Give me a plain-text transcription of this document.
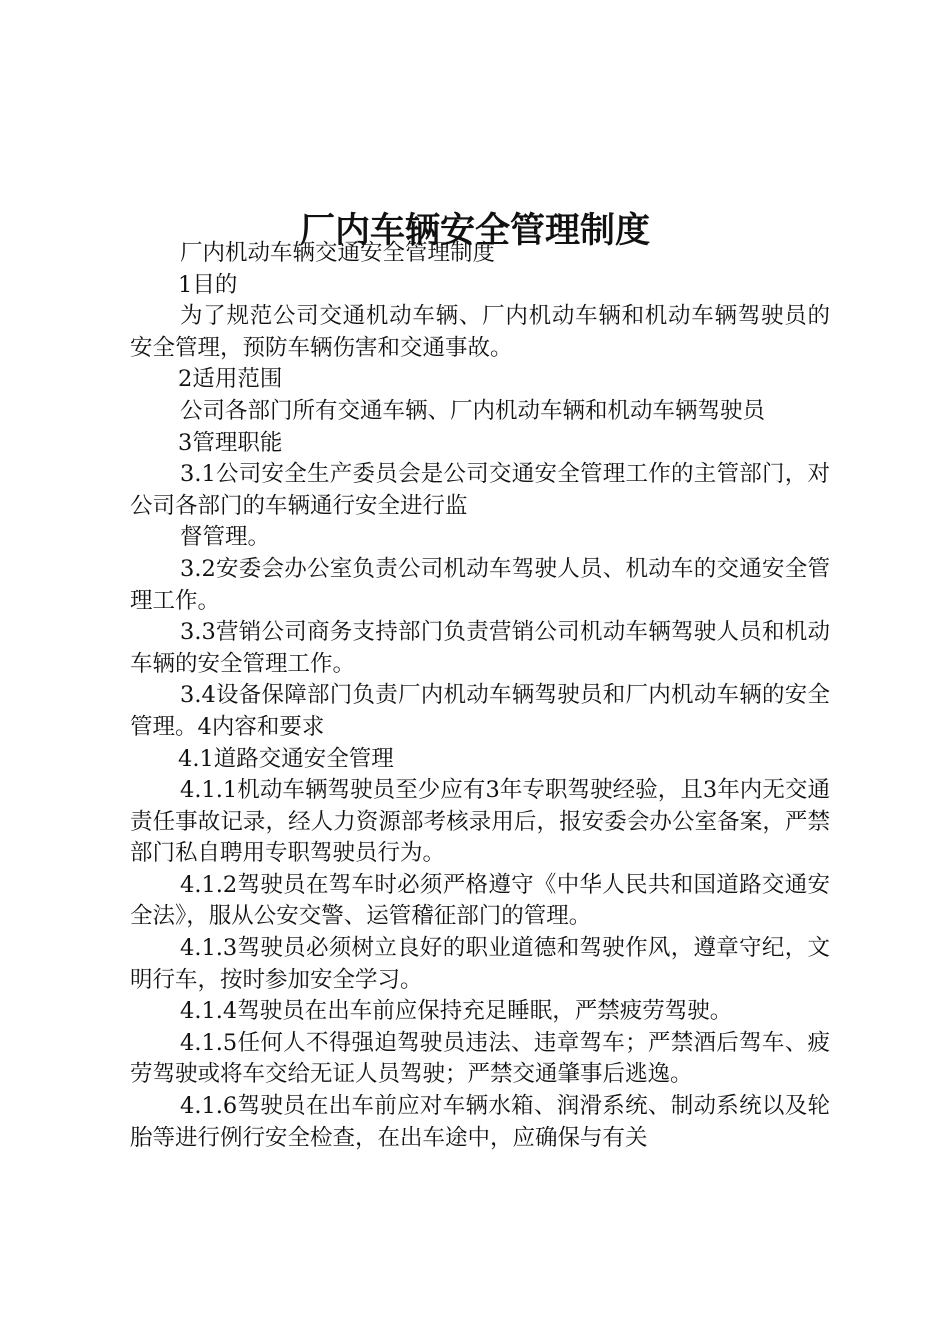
厂内车辆安全管理制度

厂内机动车辆交通安全管理制度

1目的

为了规范公司交通机动车辆、厂内机动车辆和机动车辆驾驶员的安全管理，预防车辆伤害和交通事故。

2适用范围

公司各部门所有交通车辆、厂内机动车辆和机动车辆驾驶员

3管理职能

3.1公司安全生产委员会是公司交通安全管理工作的主管部门，对公司各部门的车辆通行安全进行监

督管理。

3.2安委会办公室负责公司机动车驾驶人员、机动车的交通安全管理工作。

3.3营销公司商务支持部门负责营销公司机动车辆驾驶人员和机动车辆的安全管理工作。

3.4设备保障部门负责厂内机动车辆驾驶员和厂内机动车辆的安全管理。4内容和要求

4.1道路交通安全管理

4.1.1机动车辆驾驶员至少应有3年专职驾驶经验，且3年内无交通责任事故记录，经人力资源部考核录用后，报安委会办公室备案，严禁部门私自聘用专职驾驶员行为。

4.1.2驾驶员在驾车时必须严格遵守《中华人民共和国道路交通安全法》，服从公安交警、运管稽征部门的管理。

4.1.3驾驶员必须树立良好的职业道德和驾驶作风，遵章守纪，文明行车，按时参加安全学习。

4.1.4驾驶员在出车前应保持充足睡眠，严禁疲劳驾驶。

4.1.5任何人不得强迫驾驶员违法、违章驾车；严禁酒后驾车、疲劳驾驶或将车交给无证人员驾驶；严禁交通肇事后逃逸。

4.1.6驾驶员在出车前应对车辆水箱、润滑系统、制动系统以及轮胎等进行例行安全检查，在出车途中，应确保与有关
